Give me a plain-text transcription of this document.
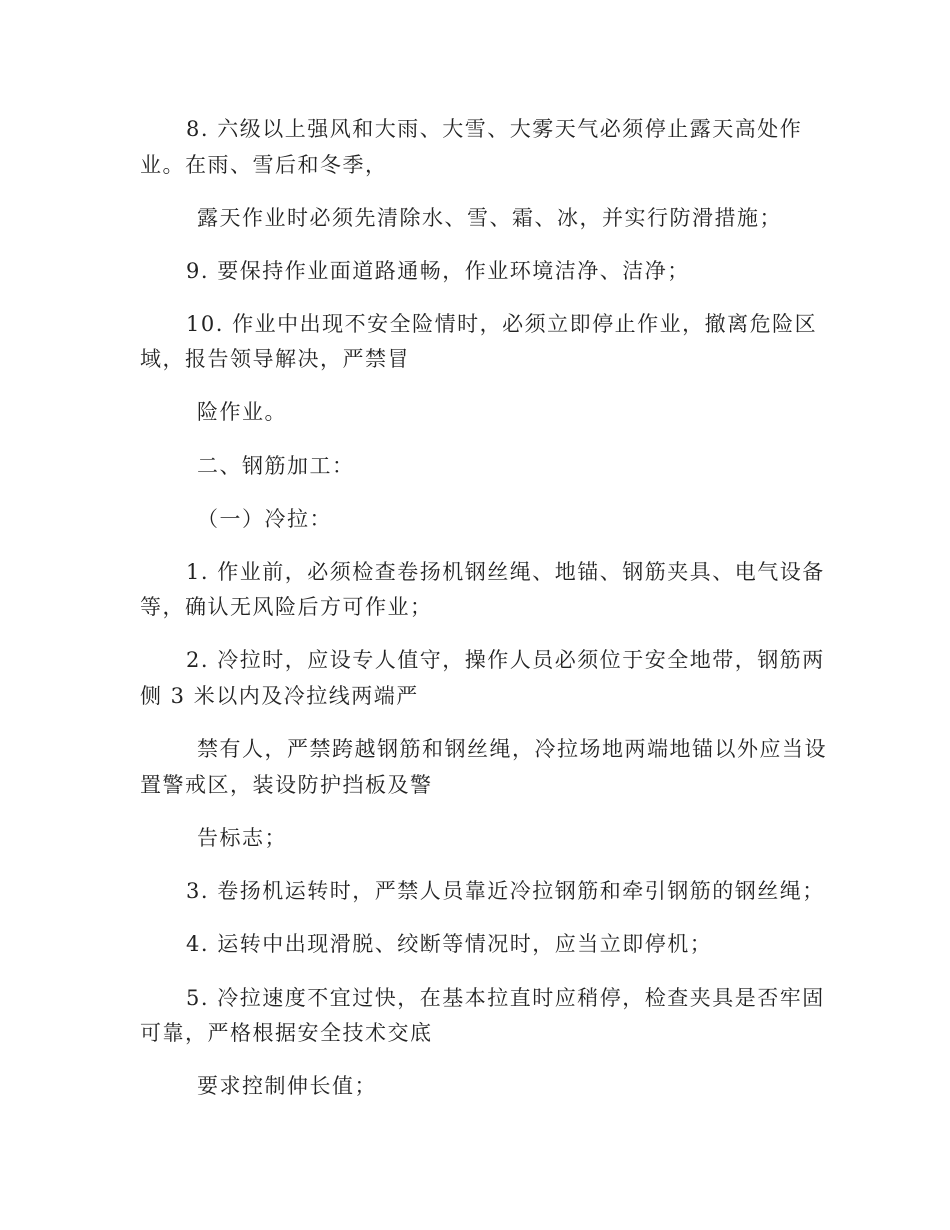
8. 六级以上强风和大雨、大雪、大雾天气必须停止露天高处作
业。在雨、雪后和冬季，
露天作业时必须先清除水、雪、霜、冰，并实行防滑措施；
9. 要保持作业面道路通畅，作业环境洁净、洁净；
10. 作业中出现不安全险情时，必须立即停止作业，撤离危险区
域，报告领导解决，严禁冒
险作业。
二、钢筋加工：
（一）冷拉：
1. 作业前，必须检查卷扬机钢丝绳、地锚、钢筋夹具、电气设备
等，确认无风险后方可作业；
2. 冷拉时，应设专人值守，操作人员必须位于安全地带，钢筋两
侧 3 米以内及冷拉线两端严
禁有人，严禁跨越钢筋和钢丝绳，冷拉场地两端地锚以外应当设
置警戒区，装设防护挡板及警
告标志；
3. 卷扬机运转时，严禁人员靠近冷拉钢筋和牵引钢筋的钢丝绳；
4. 运转中出现滑脱、绞断等情况时，应当立即停机；
5. 冷拉速度不宜过快，在基本拉直时应稍停，检查夹具是否牢固
可靠，严格根据安全技术交底
要求控制伸长值；
